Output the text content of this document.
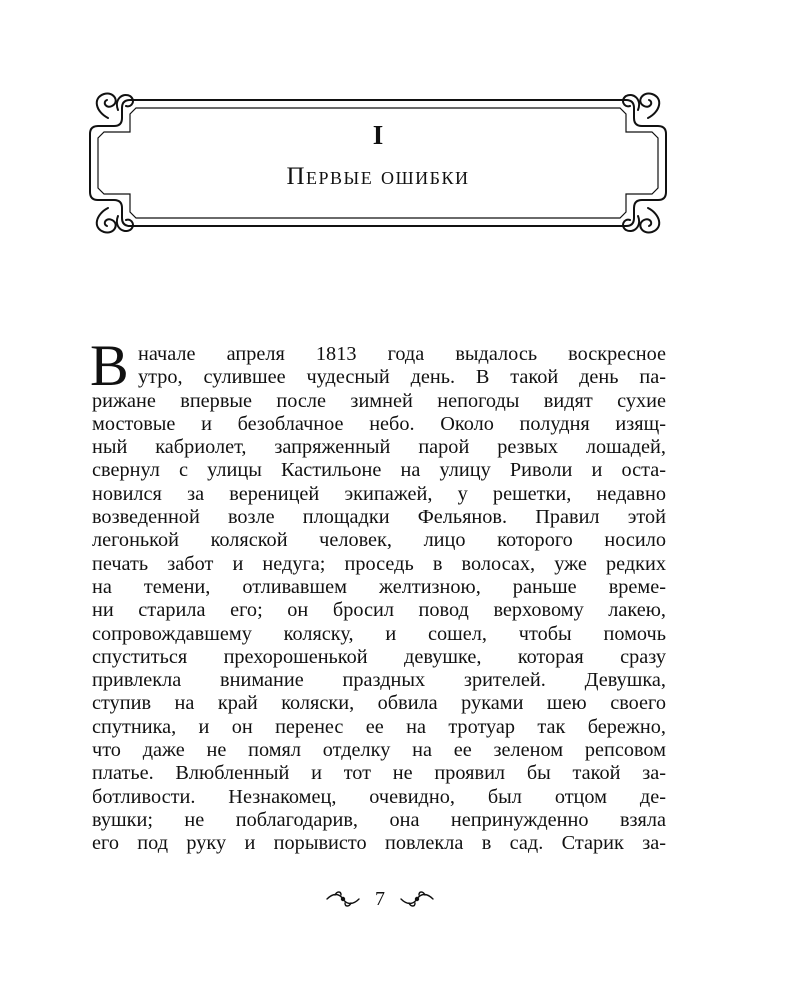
I
Первые ошибки
В начале апреля 1813 года выдалось воскресное
утро, сулившее чудесный день. В такой день па-
рижане впервые после зимней непогоды видят сухие
мостовые и безоблачное небо. Около полудня изящ-
ный кабриолет, запряженный парой резвых лошадей,
свернул с улицы Кастильоне на улицу Риволи и оста-
новился за вереницей экипажей, у решетки, недавно
возведенной возле площадки Фельянов. Правил этой
легонькой коляской человек, лицо которого носило
печать забот и недуга; проседь в волосах, уже редких
на темени, отливавшем желтизною, раньше време-
ни старила его; он бросил повод верховому лакею,
сопровождавшему коляску, и сошел, чтобы помочь
спуститься прехорошенькой девушке, которая сразу
привлекла внимание праздных зрителей. Девушка,
ступив на край коляски, обвила руками шею своего
спутника, и он перенес ее на тротуар так бережно,
что даже не помял отделку на ее зеленом репсовом
платье. Влюбленный и тот не проявил бы такой за-
ботливости. Незнакомец, очевидно, был отцом де-
вушки; не поблагодарив, она непринужденно взяла
его под руку и порывисто повлекла в сад. Старик за-
7
